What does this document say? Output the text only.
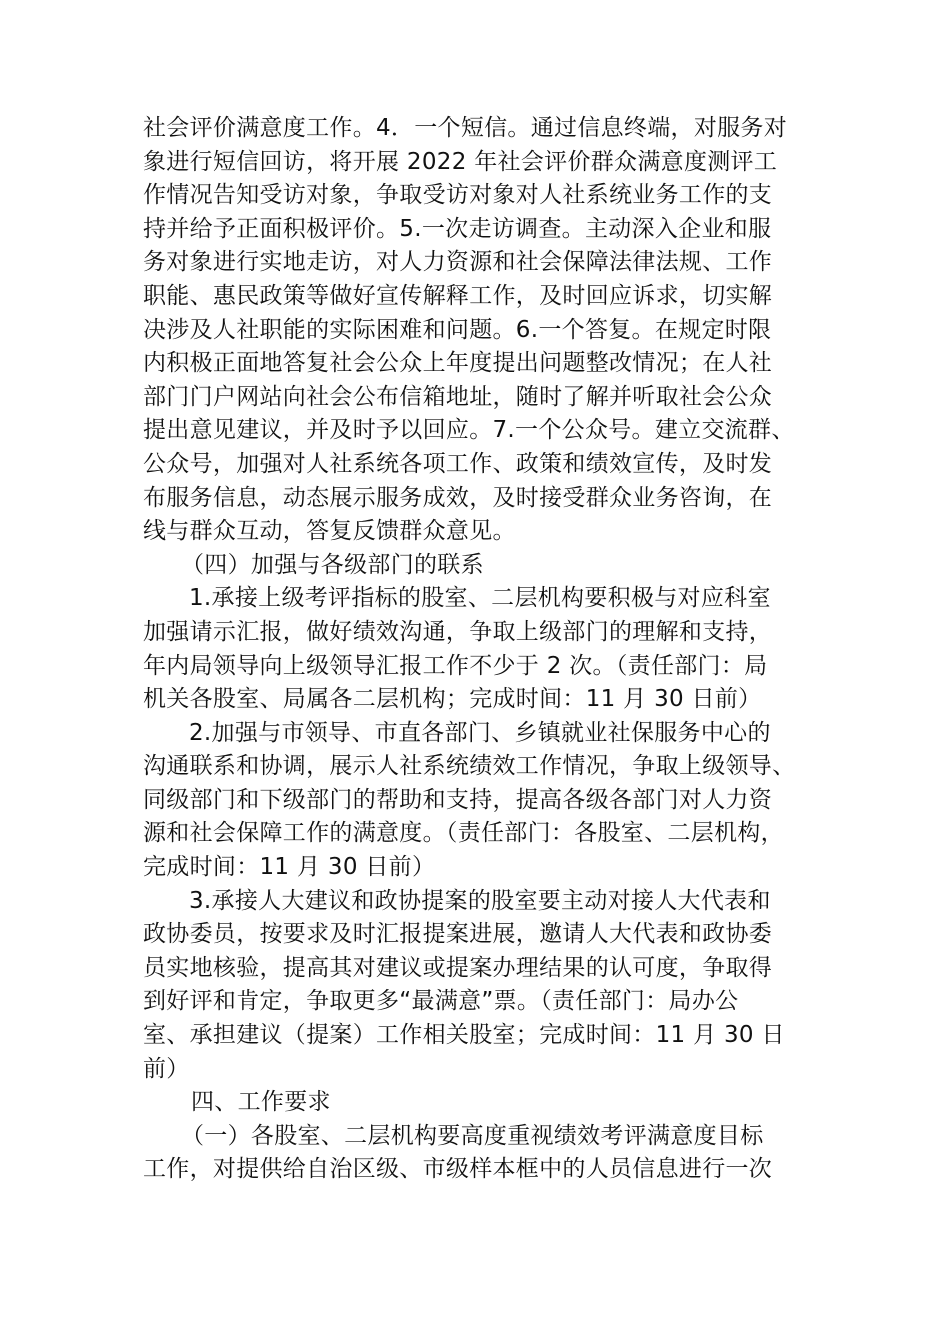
社会评价满意度工作。4．一个短信。通过信息终端，对服务对
象进行短信回访，将开展 2022 年社会评价群众满意度测评工
作情况告知受访对象，争取受访对象对人社系统业务工作的支
持并给予正面积极评价。5.一次走访调查。主动深入企业和服
务对象进行实地走访，对人力资源和社会保障法律法规、工作
职能、惠民政策等做好宣传解释工作，及时回应诉求，切实解
决涉及人社职能的实际困难和问题。6.一个答复。在规定时限
内积极正面地答复社会公众上年度提出问题整改情况；在人社
部门门户网站向社会公布信箱地址，随时了解并听取社会公众
提出意见建议，并及时予以回应。7.一个公众号。建立交流群、
公众号，加强对人社系统各项工作、政策和绩效宣传，及时发
布服务信息，动态展示服务成效，及时接受群众业务咨询，在
线与群众互动，答复反馈群众意见。
（四）加强与各级部门的联系
1.承接上级考评指标的股室、二层机构要积极与对应科室
加强请示汇报，做好绩效沟通，争取上级部门的理解和支持，
年内局领导向上级领导汇报工作不少于 2 次。（责任部门：局
机关各股室、局属各二层机构；完成时间：11 月 30 日前）
2.加强与市领导、市直各部门、乡镇就业社保服务中心的
沟通联系和协调，展示人社系统绩效工作情况，争取上级领导、
同级部门和下级部门的帮助和支持，提高各级各部门对人力资
源和社会保障工作的满意度。（责任部门：各股室、二层机构，
完成时间：11 月 30 日前）
3.承接人大建议和政协提案的股室要主动对接人大代表和
政协委员，按要求及时汇报提案进展，邀请人大代表和政协委
员实地核验，提高其对建议或提案办理结果的认可度，争取得
到好评和肯定，争取更多“最满意”票。（责任部门：局办公
室、承担建议（提案）工作相关股室；完成时间：11 月 30 日
前）
四、工作要求
（一）各股室、二层机构要高度重视绩效考评满意度目标
工作，对提供给自治区级、市级样本框中的人员信息进行一次
